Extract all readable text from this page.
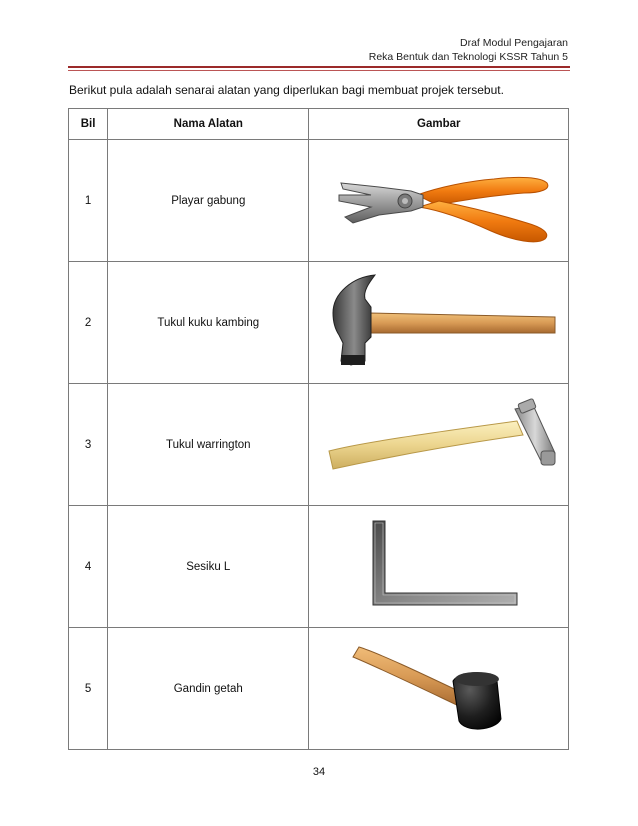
Draf Modul Pengajaran
Reka Bentuk dan Teknologi KSSR Tahun 5
Berikut pula adalah senarai alatan yang diperlukan bagi membuat projek tersebut.
Bil	Nama Alatan	Gambar
1	Playar gabung	

2	Tukul kuku kambing	

3	Tukul warrington	

4	Sesiku L	

5	Gandin getah	
34
